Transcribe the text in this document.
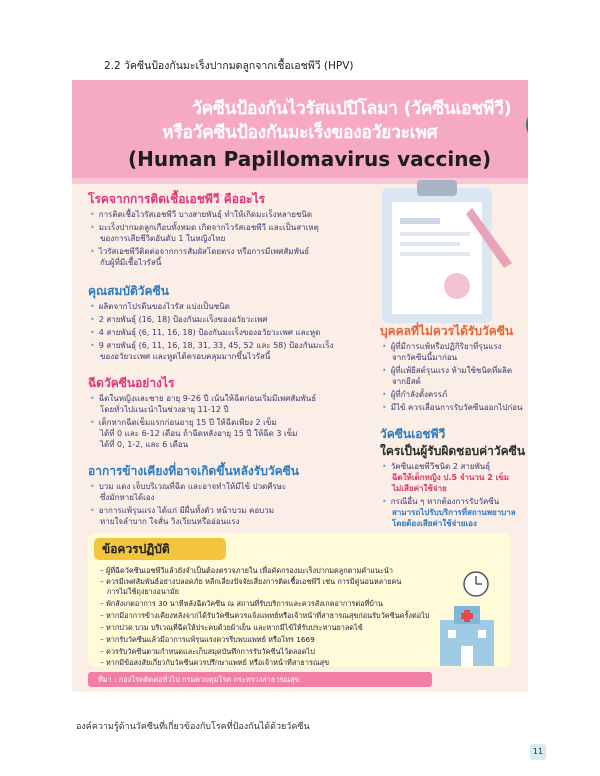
2.2 วัคซีนป้องกันมะเร็งปากมดลูกจากเชื้อเอชพีวี (HPV)
วัคซีนป้องกันไวรัสแปปิโลมา (วัคซีนเอชพีวี)
หรือวัคซีนป้องกันมะเร็งของอวัยวะเพศ
(Human Papillomavirus vaccine)
โรคจากการติดเชื้อเอชพีวี คืออะไร
• การติดเชื้อไวรัสเอชพีวี บางสายพันธุ์ ทำให้เกิดมะเร็งหลายชนิด
• มะเร็งปากมดลูกเกือบทั้งหมด เกิดจากไวรัสเอชพีวี และเป็นสาเหตุ
ของการเสียชีวิตอันดับ 1 ในหญิงไทย
• ไวรัสเอชพีวีติดต่อจากการสัมผัสโดยตรง หรือการมีเพศสัมพันธ์
กับผู้ที่มีเชื้อไวรัสนี้
คุณสมบัติวัคซีน
• ผลิตจากโปรตีนของไวรัส แบ่งเป็นชนิด
• 2 สายพันธุ์ (16, 18) ป้องกันมะเร็งของอวัยวะเพศ
• 4 สายพันธุ์ (6, 11, 16, 18) ป้องกันมะเร็งของอวัยวะเพศ และหูด
• 9 สายพันธุ์ (6, 11, 16, 18, 31, 33, 45, 52 และ 58) ป้องกันมะเร็ง
ของอวัยวะเพศ และหูดได้ครอบคลุมมากขึ้นไวรัสนี้
ฉีดวัคซีนอย่างไร
• ฉีดในหญิงและชาย อายุ 9-26 ปี เน้นให้ฉีดก่อนเริ่มมีเพศสัมพันธ์
โดยทั่วไปแนะนำในช่วงอายุ 11-12 ปี
• เด็กหากฉีดเข็มแรกก่อนอายุ 15 ปี ให้ฉีดเพียง 2 เข็ม
ได้ที่ 0 และ 6-12 เดือน ถ้าฉีดหลังอายุ 15 ปี ให้ฉีด 3 เข็ม
ได้ที่ 0, 1-2, และ 6 เดือน
อาการข้างเคียงที่อาจเกิดขึ้นหลังรับวัคซีน
• บวม แดง เจ็บบริเวณที่ฉีด และอาจทำให้มีไข้ ปวดศีรษะ
ซึ่งมักหายได้เอง
• อาการแพ้รุนแรง ได้แก่ มีผื่นทั้งตัว หน้าบวม คอบวม
หายใจลำบาก ใจสั่น วิงเวียนหรืออ่อนแรง
บุคคลที่ไม่ควรได้รับวัคซีน
• ผู้ที่มีการแพ้หรือปฏิกิริยาที่รุนแรง
จากวัคซีนนี้มาก่อน
• ผู้ที่แพ้ยีสต์รุนแรง ห้ามใช้ชนิดที่ผลิต
จากยีสต์
• ผู้ที่กำลังตั้งครรภ์
• มีไข้ ควรเลื่อนการรับวัคซีนออกไปก่อน
วัคซีนเอชพีวี
ใครเป็นผู้รับผิดชอบค่าวัคซีน
• วัคซีนเอชพีวีชนิด 2 สายพันธุ์
ฉีดให้เด็กหญิง ป.5 จำนวน 2 เข็ม
ไม่เสียค่าใช้จ่าย
• กรณีอื่น ๆ หากต้องการรับวัคซีน
สามารถไปรับบริการที่สถานพยาบาล
โดยต้องเสียค่าใช้จ่ายเอง
ข้อควรปฏิบัติ
– ผู้ที่ฉีดวัคซีนเอชพีวีแล้วยังจำเป็นต้องตรวจภายใน เพื่อคัดกรองมะเร็งปากมดลูกตามคำแนะนำ
– ควรมีเพศสัมพันธ์อย่างปลอดภัย หลีกเลี่ยงปัจจัยเสี่ยงการติดเชื้อเอชพีวี เช่น การมีคู่นอนหลายคน
การไม่ใช้ถุงยางอนามัย
– พักสังเกตอาการ 30 นาทีหลังฉีดวัคซีน ณ สถานที่รับบริการและควรสังเกตอาการต่อที่บ้าน
– หากมีอาการข้างเคียงหลังจากได้รับวัคซีนควรแจ้งแพทย์หรือเจ้าหน้าที่สาธารณสุขก่อนรับวัคซีนครั้งต่อไป
– หากปวด บวม บริเวณที่ฉีดให้ประคบด้วยผ้าเย็น และหากมีไข้ให้รับประทานยาลดไข้
– หากรับวัคซีนแล้วมีอาการแพ้รุนแรงควรรีบพบแพทย์ หรือโทร 1669
– ควรรับวัคซีนตามกำหนดและเก็บสมุดบันทึกการรับวัคซีนไว้ตลอดไป
– หากมีข้อสงสัยเกี่ยวกับวัคซีนควรปรึกษาแพทย์ หรือเจ้าหน้าที่สาธารณสุข
ที่มา : กองโรคติดต่อทั่วไป กรมควบคุมโรค กระทรวงสาธารณสุข
องค์ความรู้ด้านวัคซีนที่เกี่ยวข้องกับโรคที่ป้องกันได้ด้วยวัคซีน
11
